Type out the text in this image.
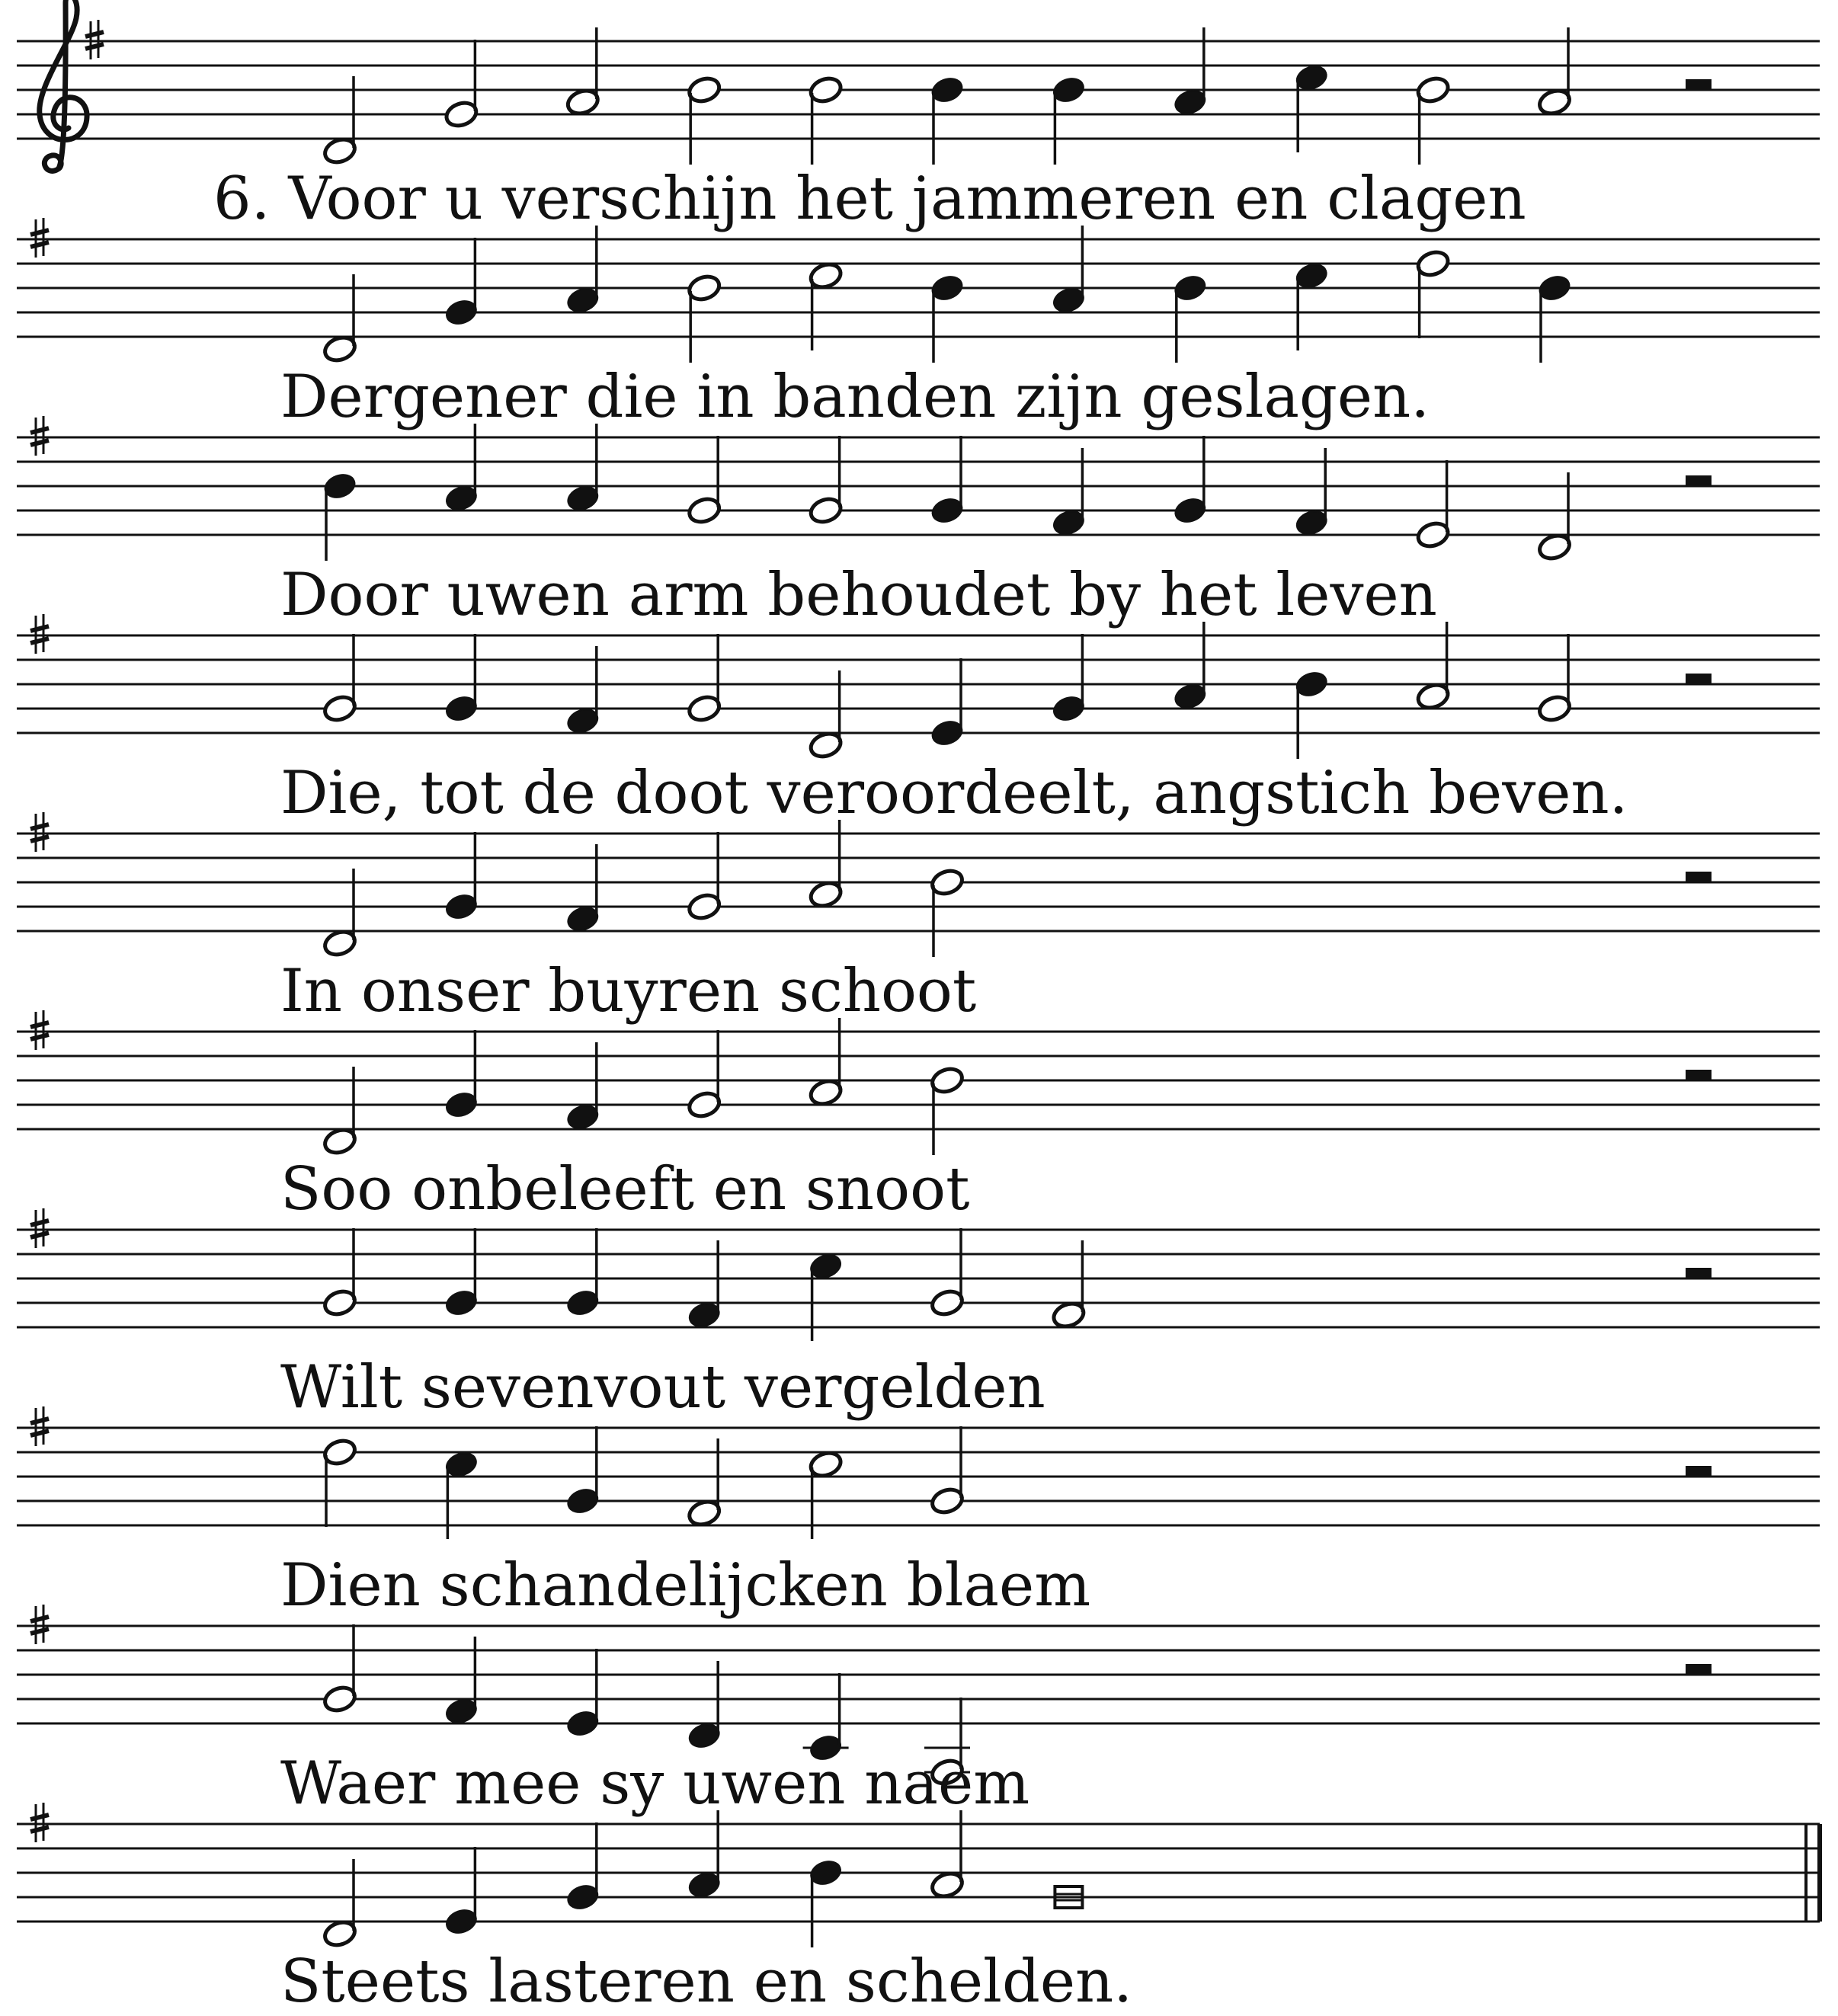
6. Voor u verschijn het jammeren en clagen
Dergener die in banden zijn geslagen.
Door uwen arm behoudet by het leven
Die, tot de doot veroordeelt, angstich beven.
In onser buyren schoot
Soo onbeleeft en snoot
Wilt sevenvout vergelden
Dien schandelijcken blaem
Waer mee sy uwen naem
Steets lasteren en schelden.
